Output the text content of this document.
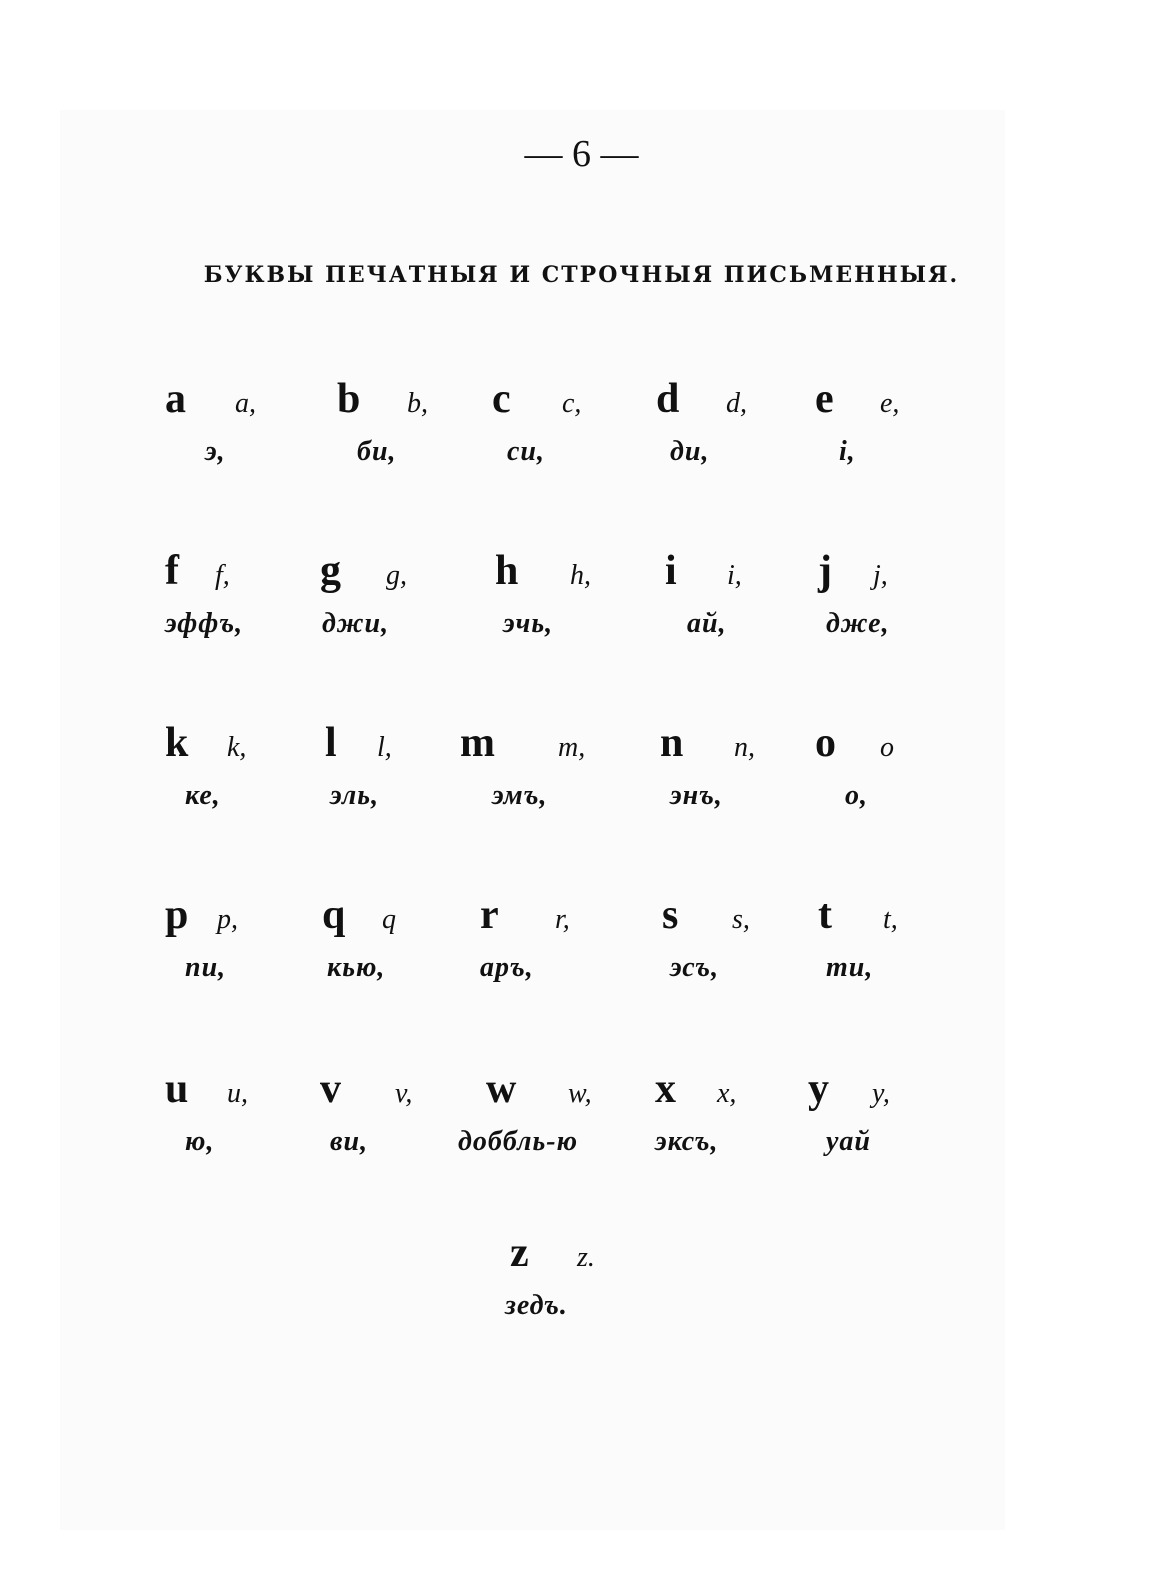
— 6 —
БУКВЫ ПЕЧАТНЫЯ И СТРОЧНЫЯ ПИСЬМЕННЫЯ.
a a,
э,
b b,
би,
c c,
си,
d d,
ди,
e e,
i,
f f,
эффъ,
g g,
джи,
h h,
эчь,
i i,
ай,
j j,
дже,
k k,
ке,
l l,
эль,
m m,
эмъ,
n n,
энъ,
o o
о,
p p,
пи,
q q
кью,
r r,
аръ,
s s,
эсъ,
t t,
ти,
u u,
ю,
v v,
ви,
w w,
доббль-ю
x x,
эксъ,
y y,
уай
z z.
зедъ.
